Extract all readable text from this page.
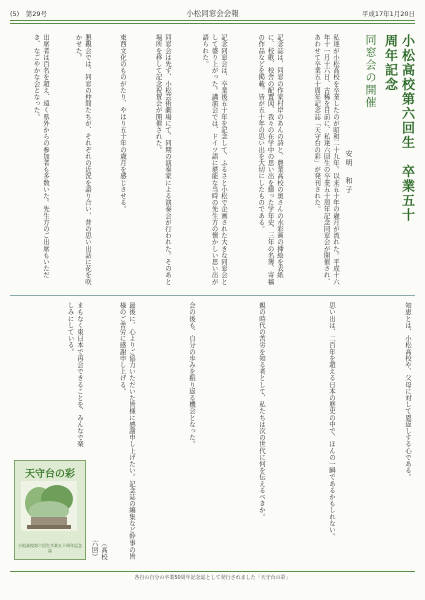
(5)　 第29号	小松同窓会会報	平成17年1月20日
小松高校第六回生　卒業五十周年記念
同窓会の開催
安明　和子
私達が小松高校を卒業したのが昭和二十九年。以来五十年の歳月が流れた。平成十六年十一月十六日、古稀を目前に、私達六回生の卒業五十周年記念同窓会が開催され、あわせて卒業五十周年記念誌「天守台の彩」が発刊された。
記念誌は、同窓の作家村岸のあんの詩と、農業高校の奥さんの水彩画の挿絵を表紙に、校歌、校舎の配置図、我々の在学中の思い出を綴った学年史、三年の名簿、寄稿の作品などを掲載。皆が五十年の思い出を大切にしたものである。
記念同窓会は、卒業後五十年を記念して、ふるさと小松で企画された大きな同窓会として盛り上がった。講演会では、ドイツ語に堪能な当時の先生方の懐かしい思い出が語られた。
同窓会は先ず、小松芸術劇場にて、同期の演奏家による演奏会が行われた。そのあと場所を移して記念祝賀会が開催された。
東西文化のものがたり、やはり五十年の歳月を感じさせる。
懇親会では、同窓の仲間たちが、それぞれの近況を語り合い、昔の思い出話に花を咲かせた。
出席者は百名を超え、遠く県外からの参加者も多数いた。先生方のご出席もいただき、なごやかな会となった。
知恵とは、小松高校や、父母に対して恩返しする心である。
思い出は、二百年を超える日本の歴史の中で、ほんの一瞬であるかもしれない。
親の時代の苦労を知る者として、私たちは次の世代に何を伝えるべきか。
会の後も、自分の歩みを振り返る機会となった。
最後に、心よりご協力いただいた皆様に感謝申し上げたい。記念誌の編集など幹事の皆様のご苦労に感謝申し上げる。
（高校六回）
まもなく東日本で再会できることを、みんなで楽しみにしている。
天守台の彩
小松高校第六回生卒業五十周年記念誌
各自の自分の卒業50周年記念誌として発行されました「天守台の彩」
